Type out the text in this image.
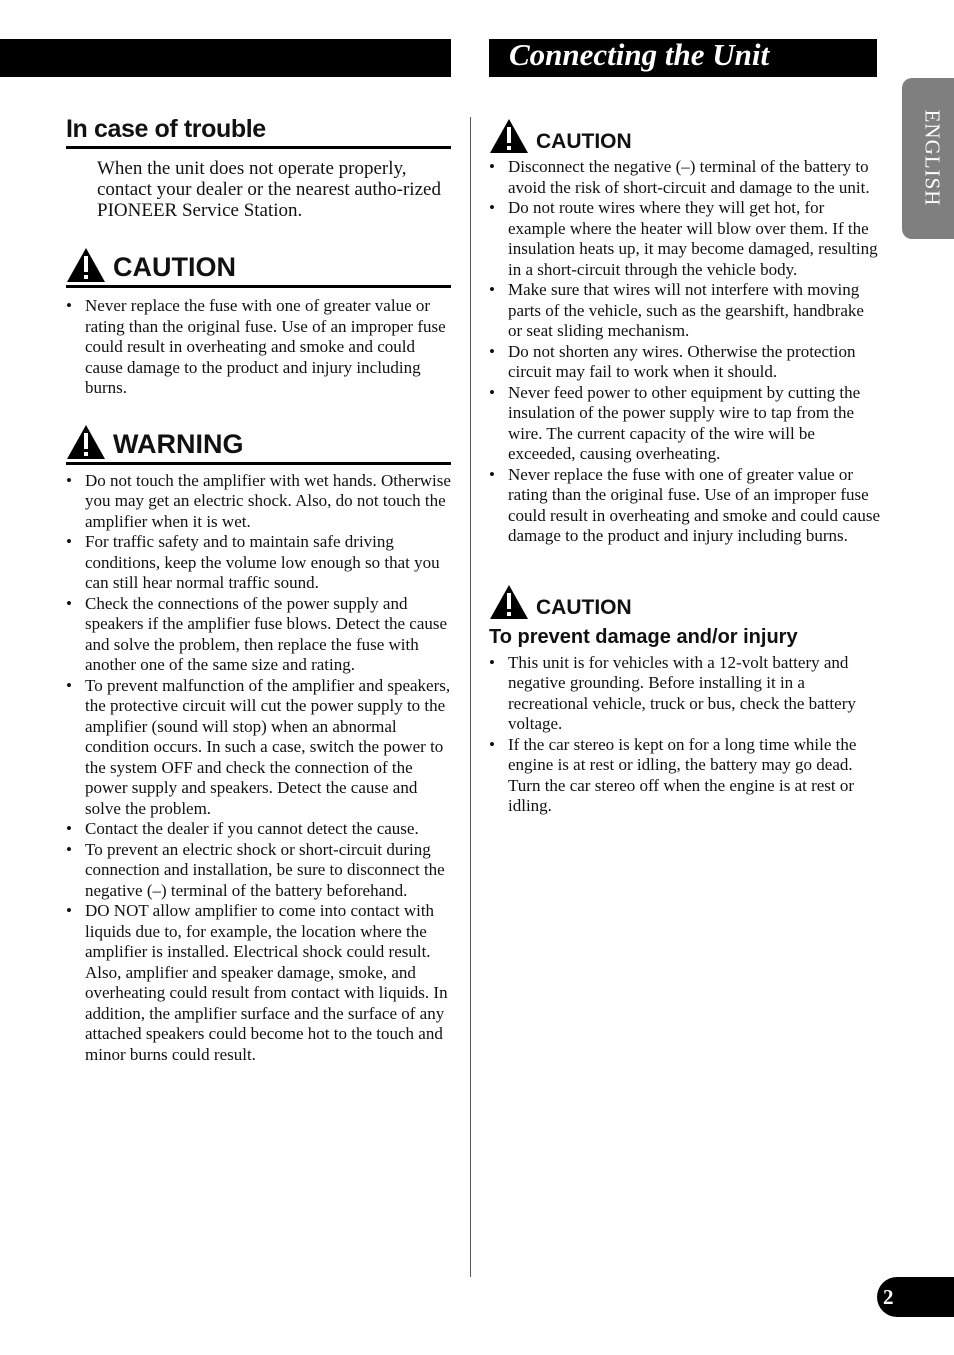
Connecting the Unit
ENGLISH
2
In case of trouble

When the unit does not operate properly, contact your dealer or the nearest autho-rized PIONEER Service Station.

CAUTION
• Never replace the fuse with one of greater value or rating than the original fuse. Use of an improper fuse could result in overheating and smoke and could cause damage to the product and injury including burns.
WARNING
• Do not touch the amplifier with wet hands. Otherwise you may get an electric shock. Also, do not touch the amplifier when it is wet.
• For traffic safety and to maintain safe driving conditions, keep the volume low enough so that you can still hear normal traffic sound.
• Check the connections of the power supply and speakers if the amplifier fuse blows. Detect the cause and solve the problem, then replace the fuse with another one of the same size and rating.
• To prevent malfunction of the amplifier and speakers, the protective circuit will cut the power supply to the amplifier (sound will stop) when an abnormal condition occurs. In such a case, switch the power to the system OFF and check the connection of the power supply and speakers. Detect the cause and solve the problem.
• Contact the dealer if you cannot detect the cause.
• To prevent an electric shock or short-circuit during connection and installation, be sure to disconnect the negative (–) terminal of the battery beforehand.
• DO NOT allow amplifier to come into contact with liquids due to, for example, the location where the amplifier is installed. Electrical shock could result. Also, amplifier and speaker damage, smoke, and overheating could result from contact with liquids. In addition, the amplifier surface and the surface of any attached speakers could become hot to the touch and minor burns could result.
CAUTION
• Disconnect the negative (–) terminal of the battery to avoid the risk of short-circuit and damage to the unit.
• Do not route wires where they will get hot, for example where the heater will blow over them. If the insulation heats up, it may become damaged, resulting in a short-circuit through the vehicle body.
• Make sure that wires will not interfere with moving parts of the vehicle, such as the gearshift, handbrake or seat sliding mechanism.
• Do not shorten any wires. Otherwise the protection circuit may fail to work when it should.
• Never feed power to other equipment by cutting the insulation of the power supply wire to tap from the wire. The current capacity of the wire will be exceeded, causing overheating.
• Never replace the fuse with one of greater value or rating than the original fuse. Use of an improper fuse could result in overheating and smoke and could cause damage to the product and injury including burns.
CAUTION
To prevent damage and/or injury
• This unit is for vehicles with a 12-volt battery and negative grounding. Before installing it in a recreational vehicle, truck or bus, check the battery voltage.
• If the car stereo is kept on for a long time while the engine is at rest or idling, the battery may go dead. Turn the car stereo off when the engine is at rest or idling.
